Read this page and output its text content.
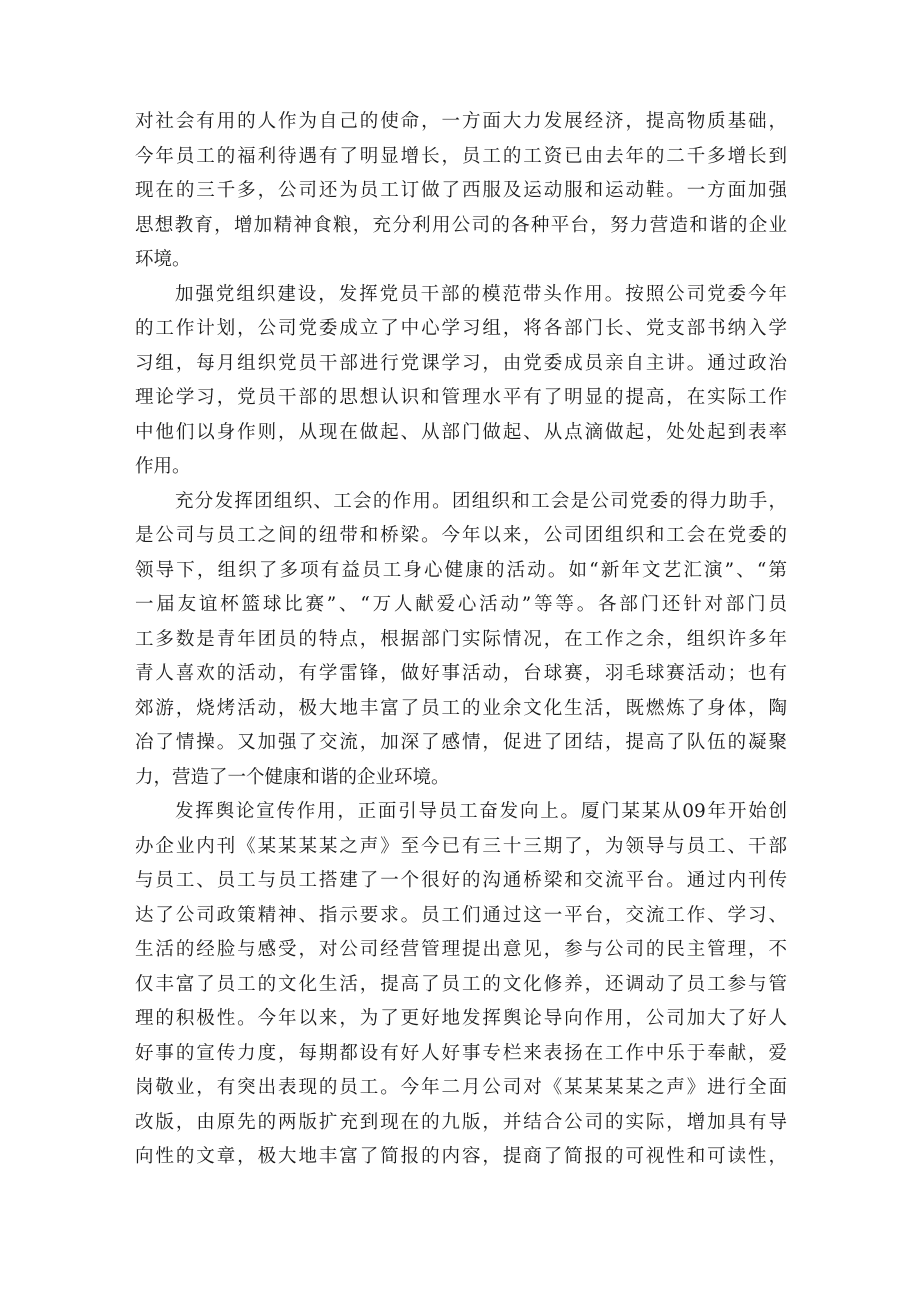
对社会有用的人作为自己的使命，一方面大力发展经济，提高物质基础，
今年员工的福利待遇有了明显增长，员工的工资已由去年的二千多增长到
现在的三千多，公司还为员工订做了西服及运动服和运动鞋。一方面加强
思想教育，增加精神食粮，充分利用公司的各种平台，努力营造和谐的企业
环境。
加强党组织建设，发挥党员干部的模范带头作用。按照公司党委今年
的工作计划，公司党委成立了中心学习组，将各部门长、党支部书纳入学
习组，每月组织党员干部进行党课学习，由党委成员亲自主讲。通过政治
理论学习，党员干部的思想认识和管理水平有了明显的提高，在实际工作
中他们以身作则，从现在做起、从部门做起、从点滴做起，处处起到表率
作用。
充分发挥团组织、工会的作用。团组织和工会是公司党委的得力助手，
是公司与员工之间的纽带和桥梁。今年以来，公司团组织和工会在党委的
领导下，组织了多项有益员工身心健康的活动。如“新年文艺汇演”、“第
一届友谊杯篮球比赛”、“万人献爱心活动”等等。各部门还针对部门员
工多数是青年团员的特点，根据部门实际情况，在工作之余，组织许多年
青人喜欢的活动，有学雷锋，做好事活动，台球赛，羽毛球赛活动；也有
郊游，烧烤活动，极大地丰富了员工的业余文化生活，既燃炼了身体，陶
冶了情操。又加强了交流，加深了感情，促进了团结，提高了队伍的凝聚
力，营造了一个健康和谐的企业环境。
发挥舆论宣传作用，正面引导员工奋发向上。厦门某某从09年开始创
办企业内刊《某某某某之声》至今已有三十三期了，为领导与员工、干部
与员工、员工与员工搭建了一个很好的沟通桥梁和交流平台。通过内刊传
达了公司政策精神、指示要求。员工们通过这一平台，交流工作、学习、
生活的经脸与感受，对公司经营管理提出意见，参与公司的民主管理，不
仅丰富了员工的文化生活，提高了员工的文化修养，还调动了员工参与管
理的积极性。今年以来，为了更好地发挥舆论导向作用，公司加大了好人
好事的宣传力度，每期都设有好人好事专栏来表扬在工作中乐于奉献，爱
岗敬业，有突出表现的员工。今年二月公司对《某某某某之声》进行全面
改版，由原先的两版扩充到现在的九版，并结合公司的实际，增加具有导
向性的文章，极大地丰富了简报的内容，提商了简报的可视性和可读性，
